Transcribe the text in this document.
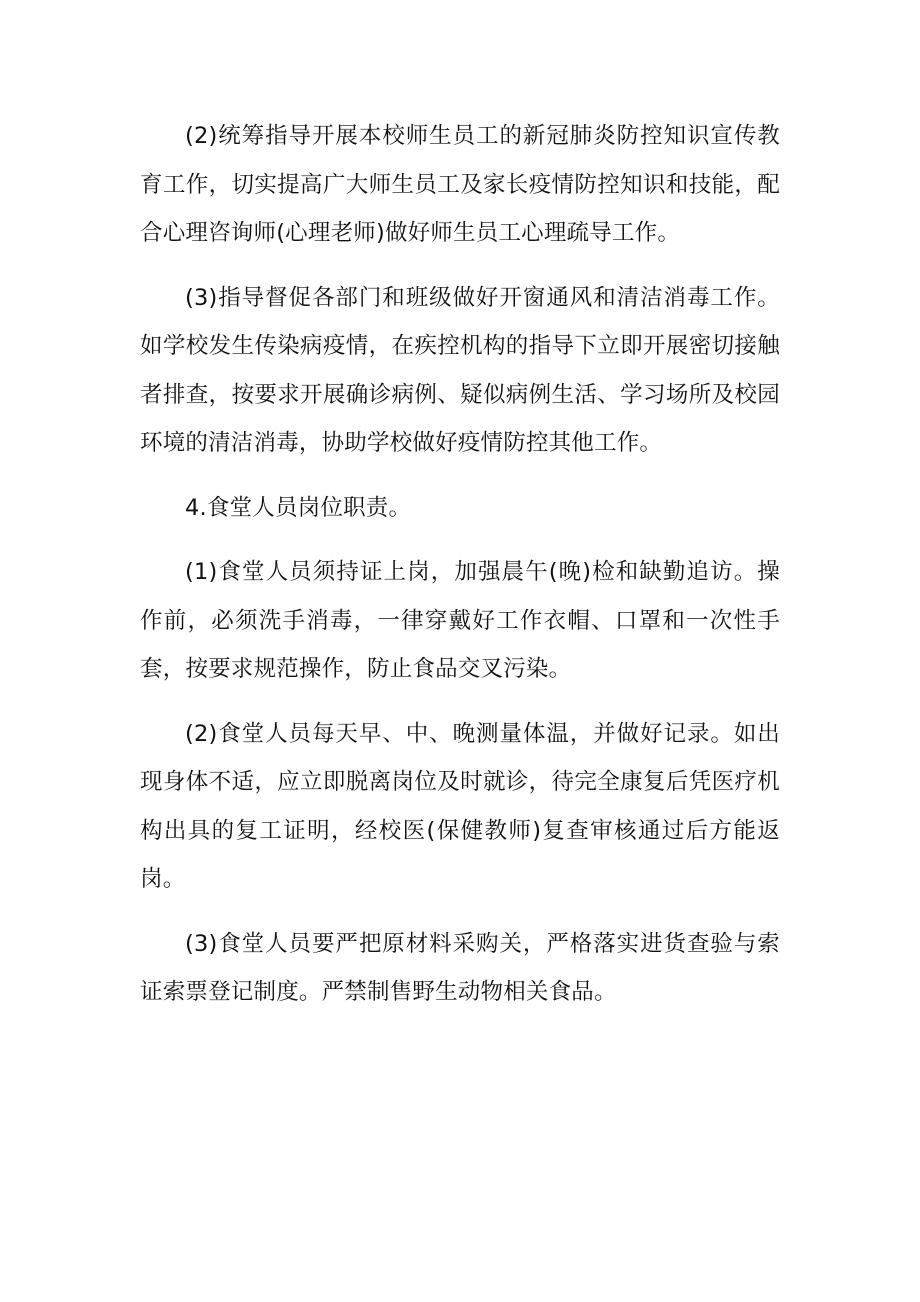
(2)统筹指导开展本校师生员工的新冠肺炎防控知识宣传教育工作，切实提高广大师生员工及家长疫情防控知识和技能，配合心理咨询师(心理老师)做好师生员工心理疏导工作。

(3)指导督促各部门和班级做好开窗通风和清洁消毒工作。如学校发生传染病疫情，在疾控机构的指导下立即开展密切接触者排查，按要求开展确诊病例、疑似病例生活、学习场所及校园环境的清洁消毒，协助学校做好疫情防控其他工作。

4.食堂人员岗位职责。

(1)食堂人员须持证上岗，加强晨午(晚)检和缺勤追访。操作前，必须洗手消毒，一律穿戴好工作衣帽、口罩和一次性手套，按要求规范操作，防止食品交叉污染。

(2)食堂人员每天早、中、晚测量体温，并做好记录。如出现身体不适，应立即脱离岗位及时就诊，待完全康复后凭医疗机构出具的复工证明，经校医(保健教师)复查审核通过后方能返岗。

(3)食堂人员要严把原材料采购关，严格落实进货查验与索证索票登记制度。严禁制售野生动物相关食品。
